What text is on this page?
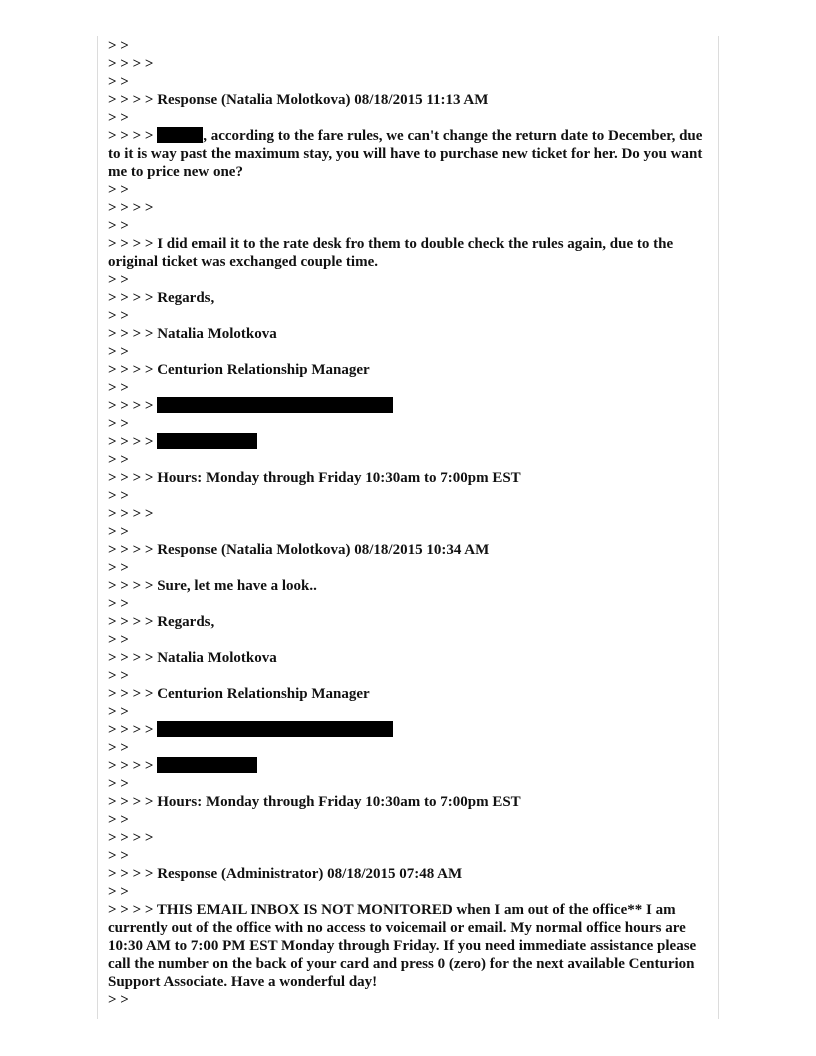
> >
> > > >
> >
> > > > Response (Natalia Molotkova) 08/18/2015 11:13 AM
> >
> > > >	, according to the fare rules, we can't change the return date to December, due to it is way past the maximum stay, you will have to purchase new ticket for her. Do you want me to price new one?
> >
> > > >
> >
> > > > I did email it to the rate desk fro them to double check the rules again, due to the original ticket was exchanged couple time.
> >
> > > > Regards,
> >
> > > > Natalia Molotkova
> >
> > > > Centurion Relationship Manager
> >
> > > >
> >
> > > >
> >
> > > > Hours: Monday through Friday 10:30am to 7:00pm EST
> >
> > > >
> >
> > > > Response (Natalia Molotkova) 08/18/2015 10:34 AM
> >
> > > > Sure, let me have a look..
> >
> > > > Regards,
> >
> > > > Natalia Molotkova
> >
> > > > Centurion Relationship Manager
> >
> > > >
> >
> > > >
> >
> > > > Hours: Monday through Friday 10:30am to 7:00pm EST
> >
> > > >
> >
> > > > Response (Administrator) 08/18/2015 07:48 AM
> >
> > > > THIS EMAIL INBOX IS NOT MONITORED when I am out of the office** I am currently out of the office with no access to voicemail or email. My normal office hours are 10:30 AM to 7:00 PM EST Monday through Friday. If you need immediate assistance please call the number on the back of your card and press 0 (zero) for the next available Centurion Support Associate. Have a wonderful day!
> >
